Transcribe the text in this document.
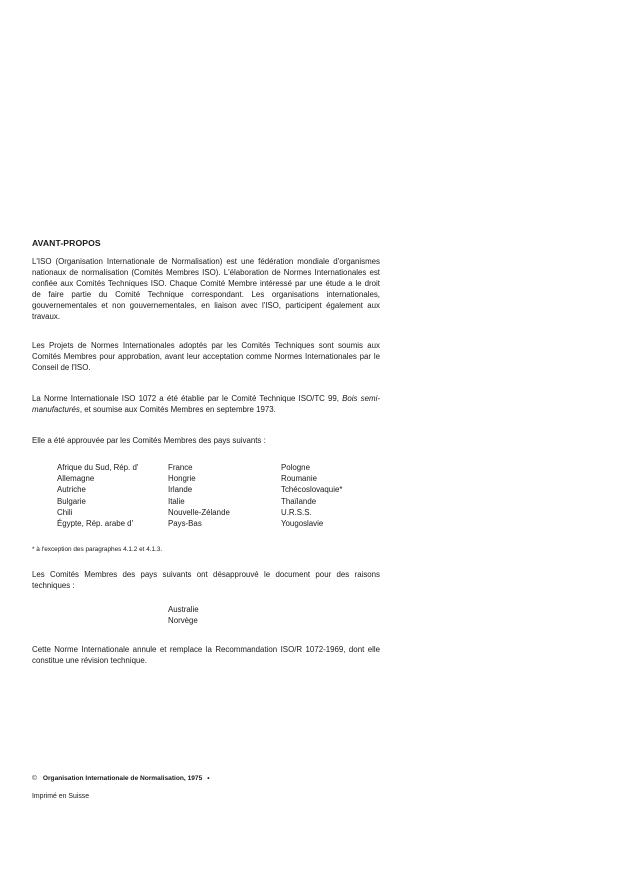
AVANT-PROPOS
L'ISO (Organisation Internationale de Normalisation) est une fédération mondiale d'organismes nationaux de normalisation (Comités Membres ISO). L'élaboration de Normes Internationales est confiée aux Comités Techniques ISO. Chaque Comité Membre intéressé par une étude a le droit de faire partie du Comité Technique correspondant. Les organisations internationales, gouvernementales et non gouvernementales, en liaison avec l'ISO, participent également aux travaux.
Les Projets de Normes Internationales adoptés par les Comités Techniques sont soumis aux Comités Membres pour approbation, avant leur acceptation comme Normes Internationales par le Conseil de l'ISO.
La Norme Internationale ISO 1072 a été établie par le Comité Technique ISO/TC 99, Bois semi-manufacturés, et soumise aux Comités Membres en septembre 1973.
Elle a été approuvée par les Comités Membres des pays suivants :
Afrique du Sud, Rép. d'
Allemagne
Autriche
Bulgarie
Chili
Égypte, Rép. arabe d'
France
Hongrie
Irlande
Italie
Nouvelle-Zélande
Pays-Bas
Pologne
Roumanie
Tchécoslovaquie*
Thaïlande
U.R.S.S.
Yougoslavie
* à l'exception des paragraphes 4.1.2 et 4.1.3.
Les Comités Membres des pays suivants ont désapprouvé le document pour des raisons techniques :
Australie
Norvège
Cette Norme Internationale annule et remplace la Recommandation ISO/R 1072-1969, dont elle constitue une révision technique.
© Organisation Internationale de Normalisation, 1975 •
Imprimé en Suisse
